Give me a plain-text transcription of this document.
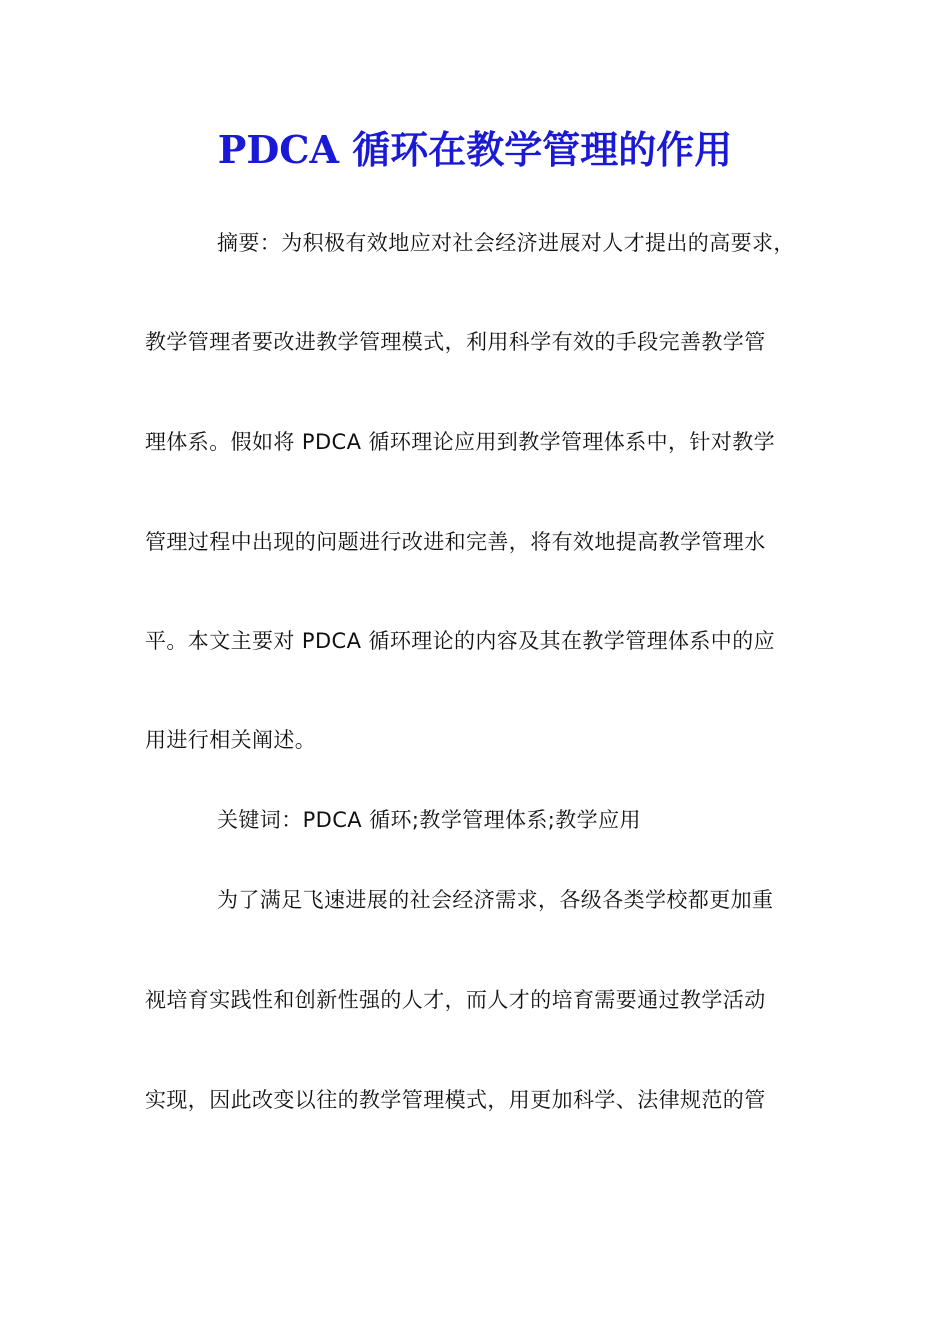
PDCA 循环在教学管理的作用
摘要：为积极有效地应对社会经济进展对人才提出的高要求，
教学管理者要改进教学管理模式，利用科学有效的手段完善教学管
理体系。假如将 PDCA 循环理论应用到教学管理体系中，针对教学
管理过程中出现的问题进行改进和完善，将有效地提高教学管理水
平。本文主要对 PDCA 循环理论的内容及其在教学管理体系中的应
用进行相关阐述。
关键词：PDCA 循环;教学管理体系;教学应用
为了满足飞速进展的社会经济需求，各级各类学校都更加重
视培育实践性和创新性强的人才，而人才的培育需要通过教学活动
实现，因此改变以往的教学管理模式，用更加科学、法律规范的管
